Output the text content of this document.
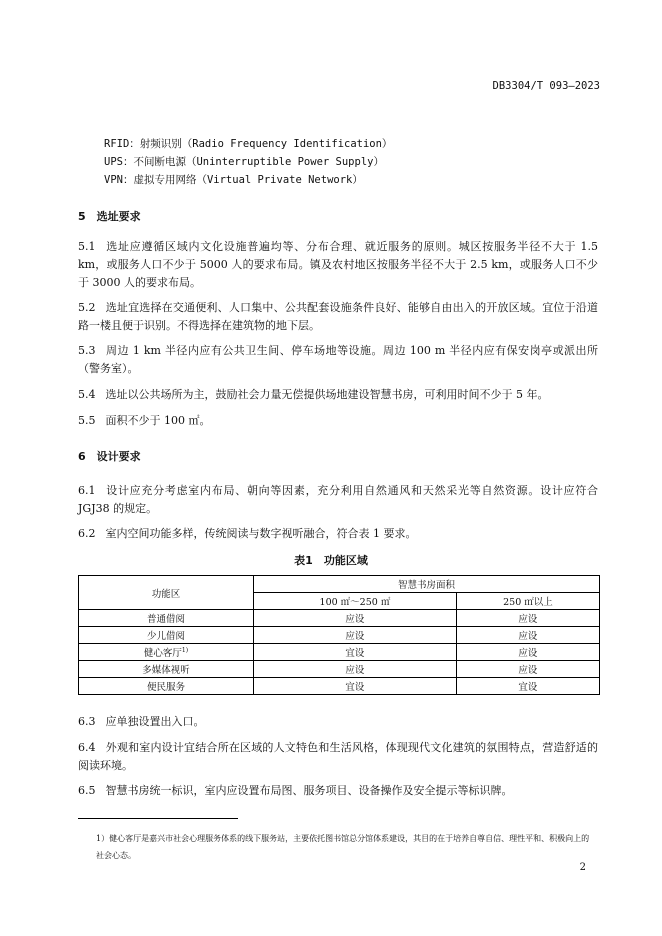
DB3304/T 093—2023
RFID：射频识别（Radio Frequency Identification）
UPS：不间断电源（Uninterruptible Power Supply）
VPN：虚拟专用网络（Virtual Private Network）
5　选址要求
5.1 选址应遵循区域内文化设施普遍均等、分布合理、就近服务的原则。城区按服务半径不大于 1.5 km，或服务人口不少于 5000 人的要求布局。镇及农村地区按服务半径不大于 2.5 km，或服务人口不少于 3000 人的要求布局。
5.2 选址宜选择在交通便利、人口集中、公共配套设施条件良好、能够自由出入的开放区域。宜位于沿道路一楼且便于识别。不得选择在建筑物的地下层。
5.3 周边 1 km 半径内应有公共卫生间、停车场地等设施。周边 100 m 半径内应有保安岗亭或派出所（警务室）。
5.4 选址以公共场所为主，鼓励社会力量无偿提供场地建设智慧书房，可利用时间不少于 5 年。
5.5 面积不少于 100 ㎡。
6　设计要求
6.1 设计应充分考虑室内布局、朝向等因素，充分利用自然通风和天然采光等自然资源。设计应符合 JGJ38 的规定。
6.2 室内空间功能多样，传统阅读与数字视听融合，符合表 1 要求。
表1　功能区域
功能区	智慧书房面积	
	100 ㎡～250 ㎡	250 ㎡以上
普通借阅	应设	应设
少儿借阅	应设	应设
健心客厅$^{1)}$	宜设	应设
多媒体视听	应设	应设
便民服务	宜设	宜设
6.3 应单独设置出入口。
6.4 外观和室内设计宜结合所在区域的人文特色和生活风格，体现现代文化建筑的氛围特点，营造舒适的阅读环境。
6.5 智慧书房统一标识，室内应设置布局图、服务项目、设备操作及安全提示等标识牌。
1）健心客厅是嘉兴市社会心理服务体系的线下服务站，主要依托图书馆总分馆体系建设，其目的在于培养自尊自信、理性平和、积极向上的社会心态。
2
